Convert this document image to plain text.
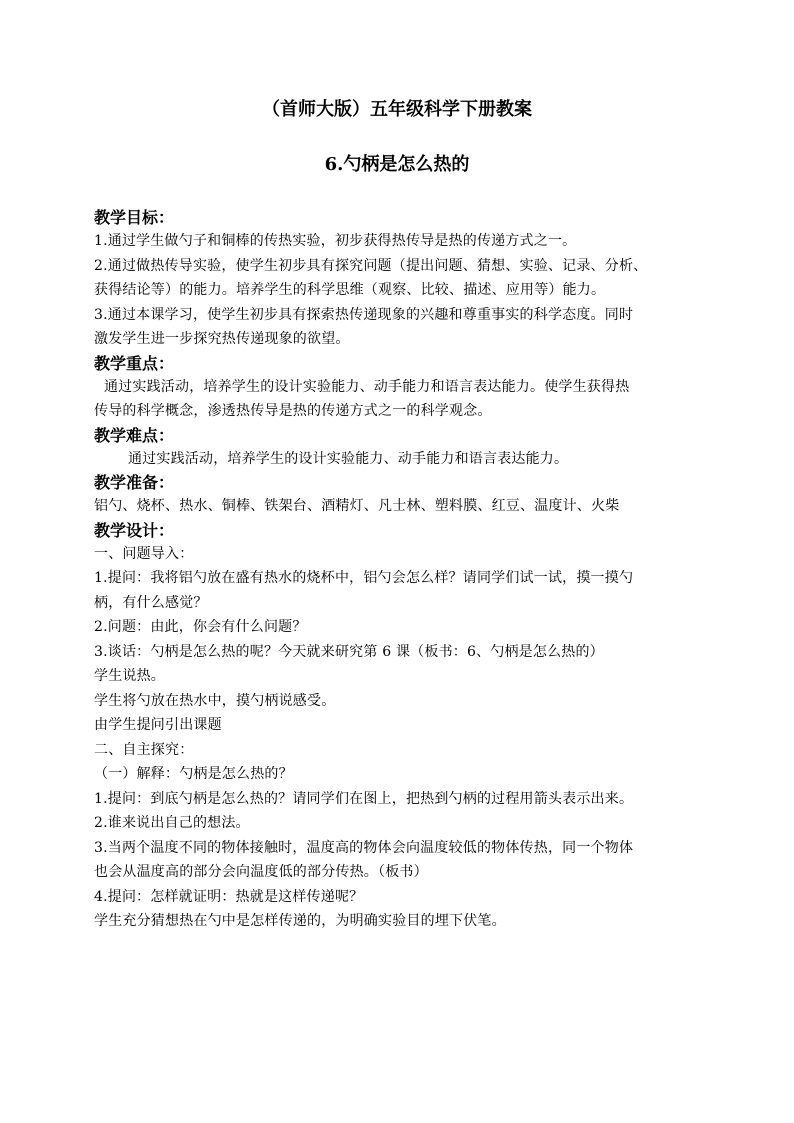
（首师大版）五年级科学下册教案
6.勺柄是怎么热的
教学目标：
1.通过学生做勺子和铜棒的传热实验，初步获得热传导是热的传递方式之一。
2.通过做热传导实验，使学生初步具有探究问题（提出问题、猜想、实验、记录、分析、
获得结论等）的能力。培养学生的科学思维（观察、比较、描述、应用等）能力。
3.通过本课学习，使学生初步具有探索热传递现象的兴趣和尊重事实的科学态度。同时
激发学生进一步探究热传递现象的欲望。
教学重点：
通过实践活动，培养学生的设计实验能力、动手能力和语言表达能力。使学生获得热
传导的科学概念，渗透热传导是热的传递方式之一的科学观念。
教学难点：
通过实践活动，培养学生的设计实验能力、动手能力和语言表达能力。
教学准备：
铝勺、烧杯、热水、铜棒、铁架台、酒精灯、凡士林、塑料膜、红豆、温度计、火柴
教学设计：
一、问题导入：
1.提问：我将铝勺放在盛有热水的烧杯中，铝勺会怎么样？请同学们试一试，摸一摸勺
柄，有什么感觉？
2.问题：由此，你会有什么问题？
3.谈话：勺柄是怎么热的呢？今天就来研究第 6 课（板书：6、勺柄是怎么热的）
学生说热。
学生将勺放在热水中，摸勺柄说感受。
由学生提问引出课题
二、自主探究：
（一）解释：勺柄是怎么热的？
1.提问：到底勺柄是怎么热的？请同学们在图上，把热到勺柄的过程用箭头表示出来。
2.谁来说出自己的想法。
3.当两个温度不同的物体接触时，温度高的物体会向温度较低的物体传热，同一个物体
也会从温度高的部分会向温度低的部分传热。（板书）
4.提问：怎样就证明：热就是这样传递呢？
学生充分猜想热在勺中是怎样传递的，为明确实验目的埋下伏笔。
